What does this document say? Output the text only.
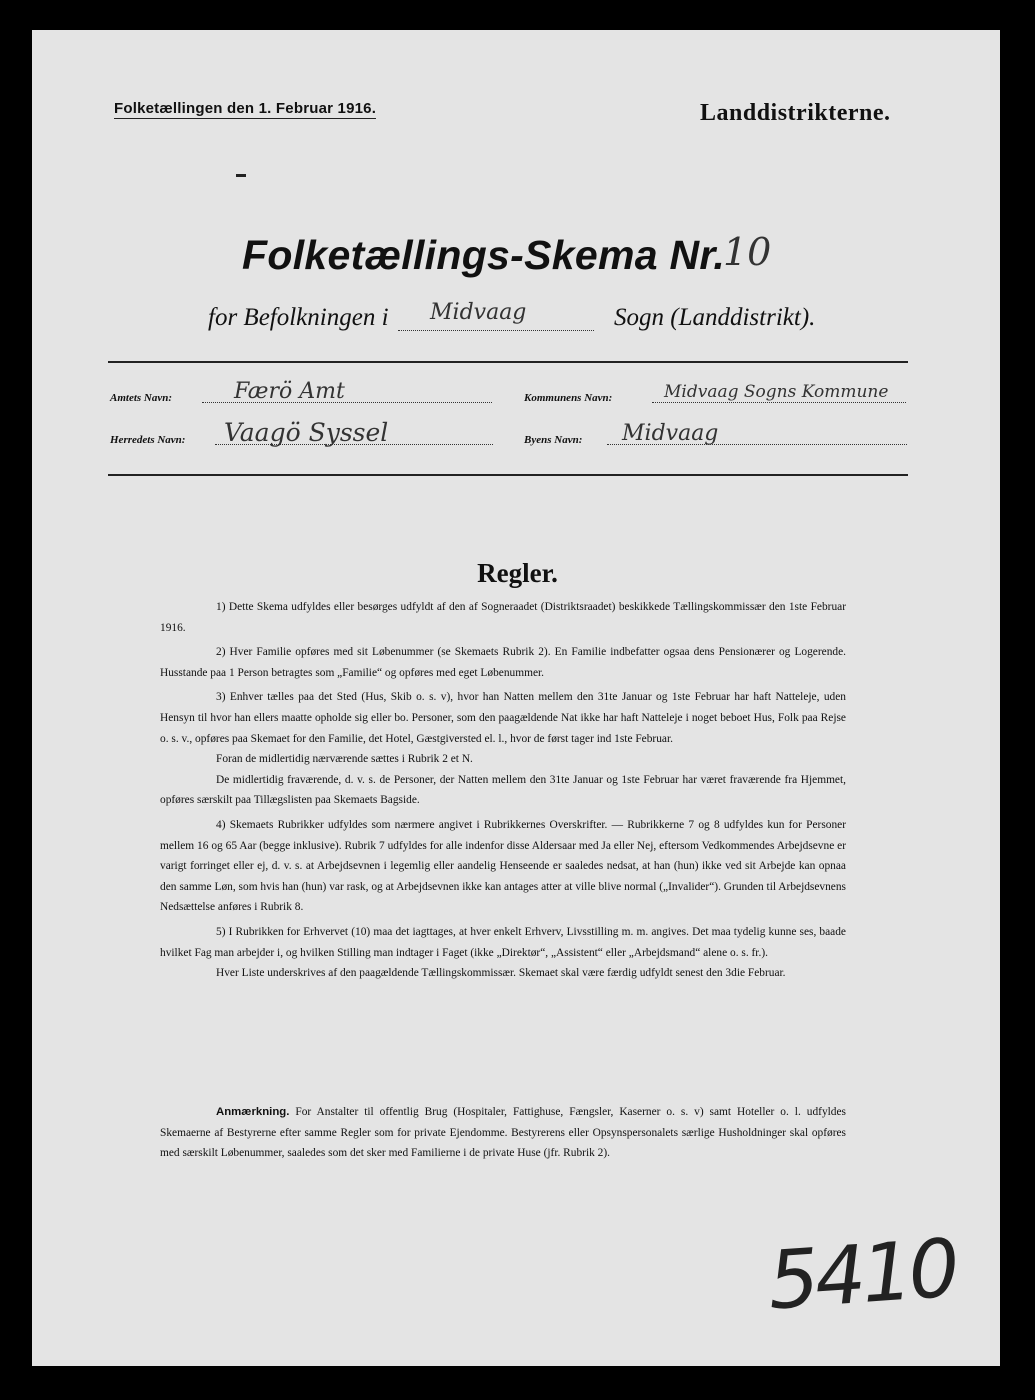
Folketællingen den 1. Februar 1916.	Landdistrikterne.
Folketællings-Skema Nr.
10
for Befolkningen i Midvaag	Sogn (Landdistrikt).
Amtets Navn:	Færö Amt	Kommunens Navn:	Midvaag Sogns Kommune
Herredets Navn: Vaagö Syssel	Byens Navn: Midvaag
Regler.

1) Dette Skema udfyldes eller besørges udfyldt af den af Sogneraadet (Distriktsraadet) beskikkede Tællingskommissær den 1ste Februar 1916.

2) Hver Familie opføres med sit Løbenummer (se Skemaets Rubrik 2). En Familie indbefatter ogsaa dens Pensionærer og Logerende. Husstande paa 1 Person betragtes som „Familie“ og opføres med eget Løbenummer.

3) Enhver tælles paa det Sted (Hus, Skib o. s. v), hvor han Natten mellem den 31te Januar og 1ste Februar har haft Natteleje, uden Hensyn til hvor han ellers maatte opholde sig eller bo. Personer, som den paagældende Nat ikke har haft Natteleje i noget beboet Hus, Folk paa Rejse o. s. v., opføres paa Skemaet for den Familie, det Hotel, Gæstgiversted el. l., hvor de først tager ind 1ste Februar.

Foran de midlertidig nærværende sættes i Rubrik 2 et N.

De midlertidig fraværende, d. v. s. de Personer, der Natten mellem den 31te Januar og 1ste Februar har været fraværende fra Hjemmet, opføres særskilt paa Tillægslisten paa Skemaets Bagside.

4) Skemaets Rubrikker udfyldes som nærmere angivet i Rubrikkernes Overskrifter. — Rubrikkerne 7 og 8 udfyldes kun for Personer mellem 16 og 65 Aar (begge inklusive). Rubrik 7 udfyldes for alle indenfor disse Aldersaar med Ja eller Nej, eftersom Vedkommendes Arbejdsevne er varigt forringet eller ej, d. v. s. at Arbejdsevnen i legemlig eller aandelig Henseende er saaledes nedsat, at han (hun) ikke ved sit Arbejde kan opnaa den samme Løn, som hvis han (hun) var rask, og at Arbejdsevnen ikke kan antages atter at ville blive normal („Invalider“). Grunden til Arbejdsevnens Nedsættelse anføres i Rubrik 8.

5) I Rubrikken for Erhvervet (10) maa det iagttages, at hver enkelt Erhverv, Livsstilling m. m. angives. Det maa tydelig kunne ses, baade hvilket Fag man arbejder i, og hvilken Stilling man indtager i Faget (ikke „Direktør“, „Assistent“ eller „Arbejdsmand“ alene o. s. fr.).

Hver Liste underskrives af den paagældende Tællingskommissær. Skemaet skal være færdig udfyldt senest den 3die Februar.

Anmærkning. For Anstalter til offentlig Brug (Hospitaler, Fattighuse, Fængsler, Kaserner o. s. v) samt Hoteller o. l. udfyldes Skemaerne af Bestyrerne efter samme Regler som for private Ejendomme. Bestyrerens eller Opsynspersonalets særlige Husholdninger skal opføres med særskilt Løbenummer, saaledes som det sker med Familierne i de private Huse (jfr. Rubrik 2).
5410
